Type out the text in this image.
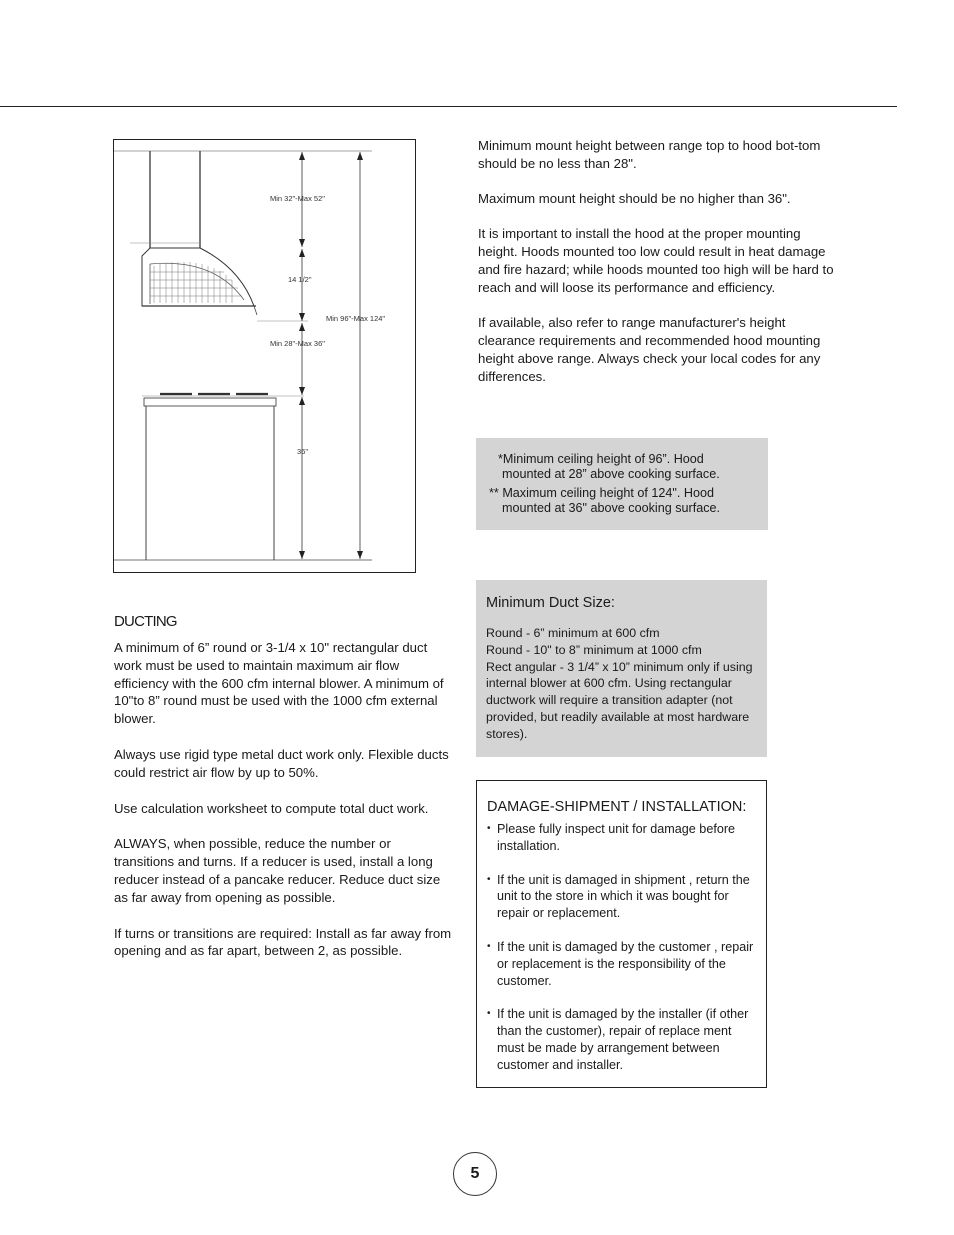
Min 32"-Max 52"
14 1/2"
Min 96"-Max 124"
Min 28"-Max 36"
36"

Minimum mount height between range top to hood bot-tom should be no less than 28".

Maximum mount height should be no higher than 36".

It is important to install the hood at the proper mounting height. Hoods mounted too low could result in heat damage and fire hazard; while hoods mounted too high will be hard to reach and will loose its performance and efficiency.

If available, also refer to range manufacturer's height clearance requirements and recommended hood mounting height above range. Always check your local codes for any differences.

*Minimum ceiling height of 96”. Hood
mounted at 28” above cooking surface.
** Maximum ceiling height of 124". Hood
mounted at 36" above cooking surface.
Minimum Duct Size:
Round - 6” minimum at 600 cfm
Round - 10" to 8” minimum at 1000 cfm
Rect angular - 3 1/4” x 10” minimum only if using internal blower at 600 cfm. Using rectangular ductwork will require a transition adapter (not provided, but readily available at most hardware stores).
DAMAGE-SHIPMENT / INSTALLATION:
• Please fully inspect unit for damage before installation.
• If the unit is damaged in shipment , return the unit to the store in which it was bought for repair or replacement.
• If the unit is damaged by the customer , repair or replacement is the responsibility of the customer.
• If the unit is damaged by the installer (if other than the customer), repair of replace ment must be made by arrangement between customer and installer.
DUCTING

A minimum of 6” round or 3-1/4 x 10" rectangular duct work must be used to maintain maximum air flow efficiency with the 600 cfm internal blower. A minimum of 10"to 8” round must be used with the 1000 cfm external blower.

Always use rigid type metal duct work only. Flexible ducts could restrict air flow by up to 50%.

Use calculation worksheet to compute total duct work.

ALWAYS, when possible, reduce the number or transitions and turns. If a reducer is used, install a long reducer instead of a pancake reducer. Reduce duct size as far away from opening as possible.

If turns or transitions are required: Install as far away from opening and as far apart, between 2, as possible.

5
